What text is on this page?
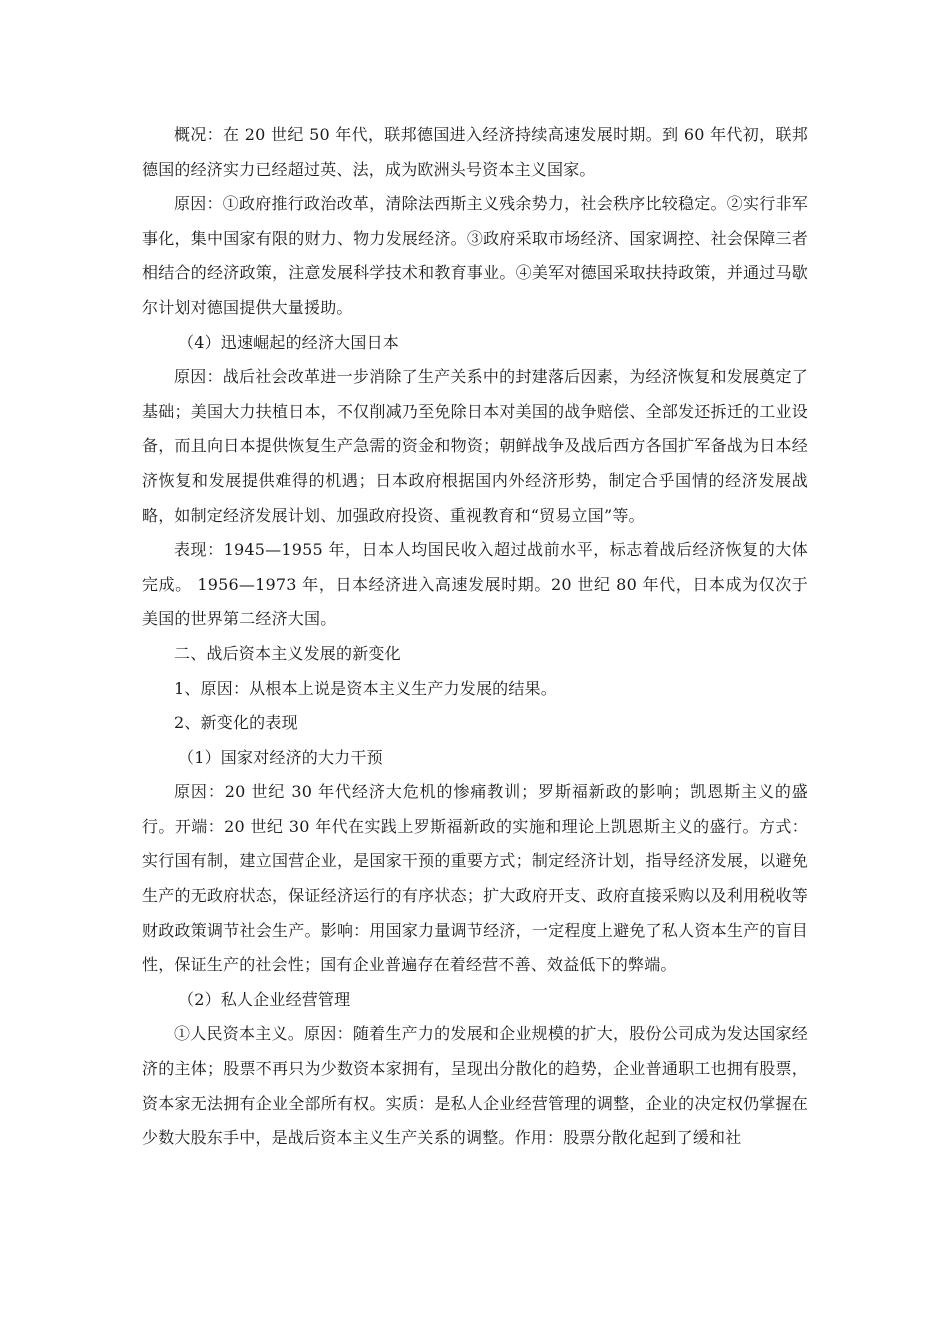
概况：在 20 世纪 50 年代，联邦德国进入经济持续高速发展时期。到 60 年代初，联邦德国的经济实力已经超过英、法，成为欧洲头号资本主义国家。

原因：①政府推行政治改革，清除法西斯主义残余势力，社会秩序比较稳定。②实行非军事化，集中国家有限的财力、物力发展经济。③政府采取市场经济、国家调控、社会保障三者相结合的经济政策，注意发展科学技术和教育事业。④美军对德国采取扶持政策，并通过马歇尔计划对德国提供大量援助。

（4）迅速崛起的经济大国日本

原因：战后社会改革进一步消除了生产关系中的封建落后因素，为经济恢复和发展奠定了基础；美国大力扶植日本，不仅削减乃至免除日本对美国的战争赔偿、全部发还拆迁的工业设备，而且向日本提供恢复生产急需的资金和物资；朝鲜战争及战后西方各国扩军备战为日本经济恢复和发展提供难得的机遇；日本政府根据国内外经济形势，制定合乎国情的经济发展战略，如制定经济发展计划、加强政府投资、重视教育和“贸易立国”等。

表现：1945—1955 年，日本人均国民收入超过战前水平，标志着战后经济恢复的大体完成。 1956—1973 年，日本经济进入高速发展时期。20 世纪 80 年代，日本成为仅次于美国的世界第二经济大国。

二、战后资本主义发展的新变化

1、原因：从根本上说是资本主义生产力发展的结果。

2、新变化的表现

（1）国家对经济的大力干预

原因：20 世纪 30 年代经济大危机的惨痛教训；罗斯福新政的影响；凯恩斯主义的盛行。开端：20 世纪 30 年代在实践上罗斯福新政的实施和理论上凯恩斯主义的盛行。方式：实行国有制，建立国营企业，是国家干预的重要方式；制定经济计划，指导经济发展，以避免生产的无政府状态，保证经济运行的有序状态；扩大政府开支、政府直接采购以及利用税收等财政政策调节社会生产。影响：用国家力量调节经济，一定程度上避免了私人资本生产的盲目性，保证生产的社会性；国有企业普遍存在着经营不善、效益低下的弊端。

（2）私人企业经营管理

①人民资本主义。原因：随着生产力的发展和企业规模的扩大，股份公司成为发达国家经济的主体；股票不再只为少数资本家拥有，呈现出分散化的趋势，企业普通职工也拥有股票，资本家无法拥有企业全部所有权。实质：是私人企业经营管理的调整，企业的决定权仍掌握在少数大股东手中，是战后资本主义生产关系的调整。作用：股票分散化起到了缓和社
